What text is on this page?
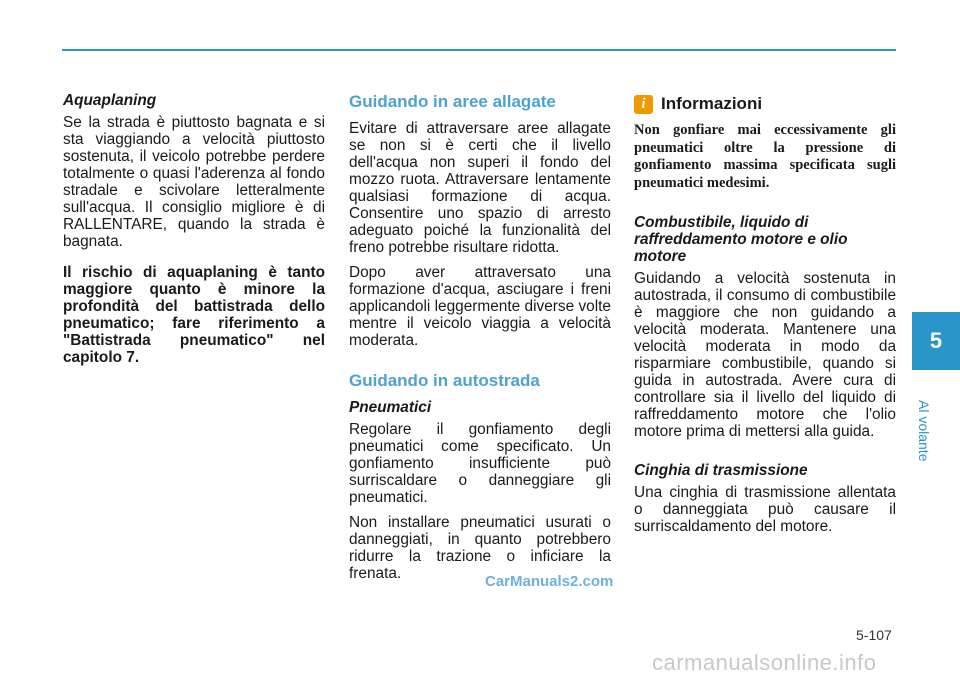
Aquaplaning

Se la strada è piuttosto bagnata e si sta viaggiando a velocità piuttosto sostenuta, il veicolo potrebbe perdere totalmente o quasi l'aderenza al fondo stradale e scivolare letteralmente sull'acqua. Il consiglio migliore è di RALLENTARE, quando la strada è bagnata.

Il rischio di aquaplaning è tanto maggiore quanto è minore la profondità del battistrada dello pneumatico; fare riferimento a "Battistrada pneumatico" nel capitolo 7.

Guidando in aree allagate

Evitare di attraversare aree allagate se non si è certi che il livello dell'acqua non superi il fondo del mozzo ruota. Attraversare lentamente qualsiasi formazione di acqua. Consentire uno spazio di arresto adeguato poiché la funzionalità del freno potrebbe risultare ridotta.

Dopo aver attraversato una formazione d'acqua, asciugare i freni applicandoli leggermente diverse volte mentre il veicolo viaggia a velocità moderata.

Guidando in autostrada
Pneumatici

Regolare il gonfiamento degli pneumatici come specificato. Un gonfiamento insufficiente può surriscaldare o danneggiare gli pneumatici.

Non installare pneumatici usurati o danneggiati, in quanto potrebbero ridurre la trazione o inficiare la frenata.

i Informazioni

Non gonfiare mai eccessivamente gli pneumatici oltre la pressione di gonfiamento massima specificata sugli pneumatici medesimi.

Combustibile, liquido di raffreddamento motore e olio motore

Guidando a velocità sostenuta in autostrada, il consumo di combustibile è maggiore che non guidando a velocità moderata. Mantenere una velocità moderata in modo da risparmiare combustibile, quando si guida in autostrada. Avere cura di controllare sia il livello del liquido di raffreddamento motore che l'olio motore prima di mettersi alla guida.

Cinghia di trasmissione

Una cinghia di trasmissione allentata o danneggiata può causare il surriscaldamento del motore.

5
Al volante
5-107
CarManuals2.com
carmanualsonline.info
